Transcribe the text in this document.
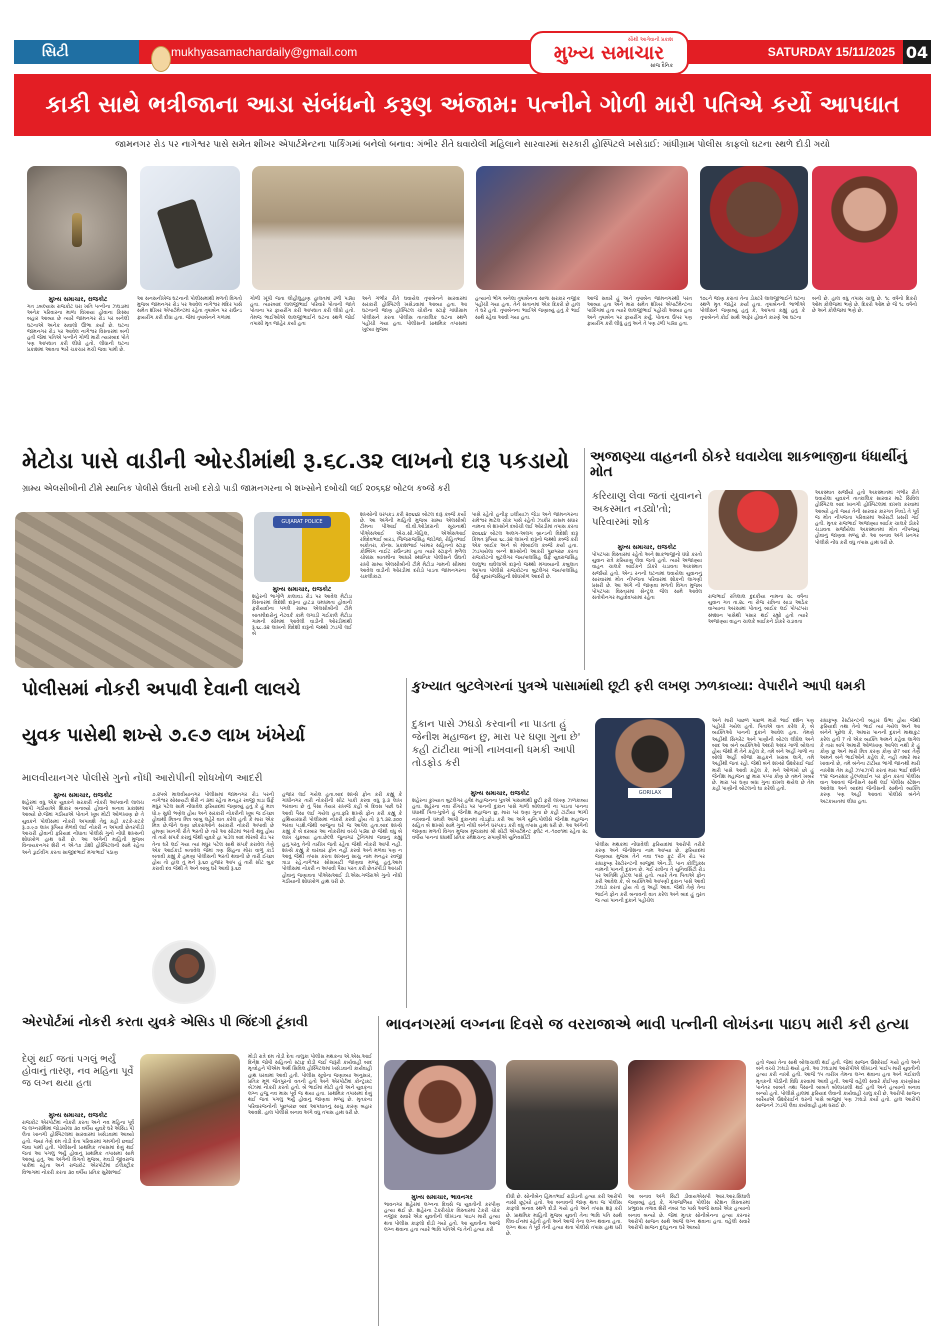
સિટી	mukhyasamachardaily@gmail.com
સૌથી આગેવાની પ્રકાશ
મુખ્ય સમાચાર
સાંજ દૈનિક
SATURDAY 15/11/2025 04
કાકી સાથે ભત્રીજાના આડા સંબંધનો કરૂણ અંજામ: પત્નીને ગોળી મારી પતિએ કર્યો આપઘાત
જામનગર રોડ પર નાગેશ્વર પાસે સમેત શીખર એપાર્ટમેન્ટના પાર્કિંગમાં બનેલો બનાવ: ગંભીર રીતે ઘવાયેલી મહિલાને સારવારમાં સરકારી હોસ્પિટલે ખસેડાઈ: ગાંધીગ્રામ પોલીસ કાફલો ઘટના સ્થળે દોડી ગયો
મુખ્ય સમાચાર, રાજકોટ
ગત ડબલ્યાસ રાજકોટ ધરા ખતિ પત્નીના ઝઘડામાં અનેક પરિવારના માળા વિખાયા હોવાના કિસ્સા બહાર આવ્યા છે ત્યારે જામનગર રોડ પર બનેલી ઘટનાએ અનેક સવાલો ઊભા કર્યા છે. ઘટના જામનગર રોડ પર આવેલ નાગેશ્વર વિસ્તારમાં બની હતી જેમાં પતિએ પત્નીને ગોળી મારી ત્યારબાદ પોતે પણ આપઘાત કરી લીધો હતો. લીધાની ઘટના પ્રકાશમાં આવતા ભારે ચકચાર મચી જવા પામી છે.
આ સનસનીખેજ ઘટનાની પોલીસમાંથી મળતી વિગતો મુજબ જામનગર રોડ પર આવેલ નાગેશ્વર મંદિર પાસે સમેત શીખર એપાર્ટમેન્ટમાં રહેતા તૃષાબેન પર રાઉન્ડ ફાયરીંગ કરી દીધા હતા. જેમાં તૃષાબેનને ગળામાં
ગોળી ખૂંપી જતા લોહીલુહાણ હાલતમાં ઢળી પડ્યા હતા. ત્યારબાદ લાલજીભાઈ પરિવારે પોતાની જાતે પોતાના પર ફાયરીંગ કરી આપઘાત કરી લીધો હતો. તેમજ ભાઈઓએ લાલજીભાઈને ઘટના સ્થળે જોઈ તપાસી મૃત જાહેર કર્યા હતા
અને ગંભીર રીતે ઘવાયેલ તૃષાબેનને સારવારમાં સરકારી હોસ્પિટલે ખસેડવામાં આવ્યા હતા. આ ઘટનાની જાણ હોસ્પિટલ ચોકીના સ્ટાફે ગાંધીગ્રામ પોલીસને કરતા પોલીસ તાત્કાલિક ઘટના સ્થળે પહોંચી ગયા હતા. પોલીસની પ્રાથમિક તપાસમાં ખુલ્યા મુજબ
હત્યાનો ભોગ બનેલા તૃષાબેનના સાળા સરકાર નજીક પહોંચી ગયા હતા. તેને સંતાનમાં એક દિકરો છે હાલ તે ઘરે હતો. તૃષાબેનના ભાઈએ જણાવ્યું હતું કે ભાઈ સાથે રહેવા આવી ગયા હતા.
આજે સવારે હું અને તૃષાબેન જામનગરથી પરત આવ્યા હતા અને મારા સમેત શીખર એપાર્ટમેન્ટના પાર્કિંગમાં હતા ત્યારે લાલજીભાઈ પહોંચી આવ્યા હતા અને તૃષાબેન પર ફાયરીંગ કર્યું. પોતાના ઉપર પણ ફાયરીંગ કરી લીધું હતું અને તે પણ ઢળી પડ્યા હતા.
૧૦૮ને જાણ કરાતાં તેના ડોક્ટરે લાલજીભાઈને ઘટના સ્થળે મૃત જાહેર કર્યા હતા. તૃષાબેનની ભાભીએ પોલીસને જણાવ્યું હતું કે, આપતાં કહ્યું હતું કે તૃષાબેનને કોઈ સાથે અફેર હોવાને કારણે આ ઘટના
બની છે. હાલ વધુ તપાસ ચાલુ છે. ૧૮ વર્ષનો દિકરો ઓમ કોલેજમાં ભણે છે. દિકરો ઓમ છે જે ૧૮ વર્ષનો છે અને કોલેજમાં ભણે છે.
મેટોડા પાસે વાડીની ઓરડીમાંથી રૂ.૬૮.૩૨ લાખનો દારૂ પકડાયો
ગ્રામ્ય એલસીબીની ટીમે સ્થાનિક પોલીસે ઉંઘતી રાખી દરોડો પાડી જામનગરના બે શખ્સોને દબોચી લઈ ૨૦૬૬૪ બોટલ કબ્જે કરી
GUJARAT POLICE
મુખ્ય સમાચાર, રાજકોટ
શહેરની ભાગોળે કાલાવડ રોડ પર આવેલ મેટોડા વિસ્તારમાં વિદેશી દારૂના હાટડા ધમધમતા હોવાની ફરીયાદોના પગલે ગ્રામ્ય એલસીબીની ટીમે બાતમીદારોનું નેટવર્ક કામે લગાડી ગઈકાલે મેટોડા ગામની સીમમાં આવેલી વાડીની ઓરડીમાંથી રૂ.૬૮.૩૨ લાખનો વિદેશી દારૂનો જથ્થો ઝડપી લઈ બે
શખ્સોની ધરપકડ કરી ૨૦૬૬૪ બોટલ દારૂ કબ્જે કર્યો છે. આ અંગેની માહિતી મુજબ ગ્રામ્ય એલસીબી ટીમના પીઆઈ વી.વી.ઓડેદરાની સૂચનાથી પીએસઆઈ એચ.સી.ગોહિલ, એએસઆઈ રવિદેવભાઈ બારડ, જિજરાજસિંહ જાડેજા, રોહિતભાઈ બકોતરા, કોન્સ. પ્રકાશભાઈ પરમાર સહિતનો સ્ટાફ કોમ્બિંગ નાઈટ રાઉન્ડમાં હતા ત્યારે સ્ટાફને મળેલ ચોક્કસ બાતમીના આધારે સ્થાનિક પોલીસને ઉંઘતી રાખી ગ્રામ્ય એલસીબીની ટીમે મેટોડા ગામની સીમમાં આવેલ વાડીની ઓરડીમાં દરોડો પાડતા જામનગરના ચકલીકાટા
પાસે રહેતો હનીફ ઇલીયાઝ જેડા અને જામનગરના રામેશ્વર માટેલ ચોક પાસે રહેતો ઝાકીર કાસમ સંધાર નામના બે શખ્સોને દબોચી લઈ ઓરડીમાં તપાસ કરતા ૨૦૬૬૪ બોટલ અલગ-અલગ બ્રાન્ડની વિદેશી દારૂ કિંમત રૂપિયા ૬૮.૩૨ લાખનો દારૂનો જથ્થો કબ્જે કરી એક બાઈક અને બે મોબાઈલ કબ્જે કર્યા હતા. ઝડપાયેલા બન્ને શખ્સોની આકરી પુછપરછ કરતા રાજકોટનો બુટલેગર જયપાલસિંહ ઉર્ફે યુવરાજસિંહ લાલુભા વાઘેલાએ દારૂનો જથ્થો મંગાવ્યાની કબુલાત આપતા પોલીસે રાજકોટના બુટલેગર જયપાલસિંહ ઉર્ફે યુવરાજસિંહની શોધખોળ આદરી છે.
અજાણ્યા વાહનની ઠોકરે ઘવાયેલા શાકભાજીના ધંધાર્થીનું મોત
કરિયાણુ લેવા જતાં યુવાનને અકસ્માત નડ્યો'તો; પરિવારમાં શોક
મુખ્ય સમાચાર, રાજકોટ
પોપટપરા વિસ્તારમાં રહેતો અને શાકભાજીનો ધંધો કરતો યુવાન રાત્રે કરિયાણુ લેવા જતો હતો. ત્યારે અજાણ્યા વાહન ચાલકે બાઈકને ઠોકરે ચડાવતા અકસ્માત સર્જાયો હતો. એન્ડ રનની ઘટનામાં ઘવાયેલા યુવાનનું સારવારમાં મોત નીપજતા પરિવારમાં શોકની લાગણી પ્રસરી છે. આ અંગે ની જાણવા મળતી વિગત મુજબ પોપટપરા વિસ્તારમાં સેન્ટ્રલ જેલ સામે આવેલ સંતોષીનગર મહાદેવપરામાં રહેતા	રાજભાઈ રતિલાલ દુદકીયા નામના ૨૮ વર્ષના યુવાન ગત તા.૨૮ ના રોજ રાત્રિના સાડા આઠેક વાગ્યાના અરસામાં પોતાનું બાઈક લઈ પોપટપરા સ્મશાન પાસેથી પસાર થઈ રહ્યો હતો ત્યારે અજાણ્યા વાહન ચાલકે બાઈકને ઠોકરે ચડાવતા
અકસ્માત સર્જાયો હતો અકસ્માતમાં ગંભીર રીતે ઘવાયેલા યુવકને તાત્કાલિક સારવાર માટે સિવિલ હોસ્પિટલ બાદ ખાનગી હોસ્પિટલમાં દાખલ કરવામાં આવ્યો હતો જ્યાં તેની સારવાર કારગત નિવડે તે પૂર્વે જ મોત નીપજતા પરિવારમાં અરેરાટી પ્રસરી ગઈ હતી. મૃતક રાજભાઈ અજાણ્યા બાઈક ચાલકે ઠોકરે ચડાવતા સર્જાયેલા અકસ્માતમાં મોત નીપજ્યું હોવાનું જાણવા મળ્યું છે. આ બનાવ અંગે પ્રનગર પોલીસે નોંધ કરી વધુ તપાસ હાથ ધરી છે.
પોલીસમાં નોકરી અપાવી દેવાની લાલચે
યુવક પાસેથી શખ્સે ૭.૯૭ લાખ ખંખેર્યા
માલવીયાનગર પોલીસે ગુનો નોંધી આરોપીની શોધખોળ આદરી
મુખ્ય સમાચાર, રાજકોટ
શહેરમાં વધુ એક યુવકને સરકારી નોકરી આપવાની લાલચ આપી ગઠીયાએ શિકાર બનાવ્યો હોવાનો બનાવ પ્રકાશમાં આવ્યો છે.જેમાં ગઠીયાએ પોતાને ખૂબ મોટી ઓળખાણ છે તે યુવકને પોલીસમાં નોકરી અપાવશે તેવું કહી કટકે-કટકે રૂ.૭.૯૭ લાખ રૂપિયા મેળવી લઈ નોકરી ન અપાવી છેતરપીંડી આચરી હોવાની ફરિયાદ નોંધાતા પોલીસે ગુનો નોંધી શખ્સની શોધખોળ હાથ ધરી છે. આ અંગેની માહિતી મુજબ વિનાયકનગર શેરી નં એ-૧૭ ડોશી હોસ્પિટલની સામે રહેતા અને ડ્રાઈવીંગ કરતા સાજીદભાઈ મંગાભાઈ પઠાણ
૭.૨૫બે માલવીયાનગર પોલીસમાં જામનગર રોડ પરની નાગેશ્વર સોસાયટી શેરી નં ૩માં રહેતા મનહર રવજી ત્રાડા ઉર્ફે મધુર પટેલ સામે નોંધાવેલ ફરિયાદમાં જણાવ્યું હતું કે હું માત્ર ધો.૯ સુધી ભણેલ હોય અને સરકારી નોકરીની ખૂબ જ ઈચ્છા હોવાથી મિત્રના મિત્ર બાબુ લહેરે વાત કરેલ હતી કે મારા એક મિત્ર છે.જેને ઘણા છોકરાઓને સરકારી નોકરી અપાવી છે હમણા ખાનગી રીતે ભરતી છે તારે આ સીટમાં ભરતી થવુ હોય તો તારો સંપર્ક કરાવું જેથી યુવકે હા પાડેલ બાદ મોરબી રોડ પર તેના ઘરે લઈ ગયા ત્યાં મધુર પટેલ સાથે સંપર્ક કરાવેલ તેણે એક આઈકાર્ડ બતાવેલ જેમાં ત્રણ સિંહના મોરા વાળું કાર્ડ બતાવી કહ્યું કે હમણા પોલીસની ભરતી થવાની છે તારી ઈચ્છા હોય તો હાલ તું મને રૂ.૬૦ હજાર આપ હું તારી સીટ બુક કરાવી દવ જેથી તે અને બાબુ ઘરે આવી રૂ.૬૦
હજાર લઈ ગયેલ હતા.બાદ શખ્સે ફોન કરી કહ્યું કે ગાંધીનગર તારી નોકરીની સીટ પાકી કરવા વધુ રૂ.૩ લાખ ભરવાના છે તું પૈસા તૈયાર રાખજે કહી બે દિવસ પછી ઘરે આવી પૈસા લઈ ગયેલ હતા.ફરિ શખ્સે ફોન કરી કહ્યું કે હથિયારધારી પોલીસમાં નોકરી કરવી હોય તો રૂ.૧.૩૨.૭૦૦ ભરવા પડશે.જેથી બાજુના ઘરે જ આપેલ હતા.બાદ શખ્સે કહ્યું કે બે દરબાર આ નોકરીમાં વચ્ચે પડ્યા છે જેથી વધુ બે લાખ ચુકવ્યા હતા.છેલ્લે જુનાગઢ ટ્રેનિંગમાં જવાનું કહ્યું હતું.પરંતુ તેની તારીખ જતી રહેતા જેથી નોકરી આપી નહી. શખ્સે કહ્યું કે વારંવાર ફોન નહીં કરવો અને મળવા પણ ન આવું જેથી તપાસ કરતા શખ્સનું સાચુ નામ મનહર રવજી ત્રાડા રહે.નાગેશ્વર સોસાયટી જાણવા મળ્યું હતું.આમ પોલીસમાં નોકરી ન અપાવી પૈસા પરત કરી છેતરપીંડી આચરી હોવાનું જણાવતા પીએસઆઈ ડી.એસ.ગજેરાએ ગુનો નોંધી ગઠીયાની શોધખોળ હાથ ધરી છે.
કુખ્યાત બુટલેગરનાં પુત્રએ પાસામાંથી છૂટી ફરી લખણ ઝળકાવ્યા: વેપારીને આપી ધમકી
દુકાન પાસે ઝઘડો કરવાની ના પાડતા હું જેનીશ મહાજન છુ, મારા પર ઘણા ગુના છે' કહી ટાંટીયા ભાંગી નાખવાની ધમકી આપી તોડફોડ કરી
GORILAX
મુખ્ય સમાચાર, રાજકોટ
શહેરના કુખ્યાત બુટલેગર હર્ષદ મહાજનના પુત્રએ પાસામાંથી છુટી ફરી લખણ ઝળકાવ્યા હતા. શહેરના નવા રીંગરોડ પર પાનની દુકાન પાસે ગાળો બોલવાની ના પાડતા પાનના ધંધાર્થી પિતા-પુત્રોને હું જેનીશ મહાજન છુ, મારા પર ઘણા ગુના છે કહી ટાંટીયા ભાંગી નાખવાની ધમકી આપી દુકાનમાં તોડફોડ કરી આ અંગે યુનિ.પોલીસે જેનીશ મહાજન સહિત બે શખ્સો સામે ગુનો નોંધી બંનેને ધરપકડ કરી વધુ તપાસ હાથ ધરી છે. આ અંગેની જાણવા મળતી વિગત મુજબ મુંજકામાં શ્રી સીટી એપાર્ટમેન્ટ ફ્લેટ નં.-૧૦૦૧માં રહેતા ૨૮ વર્ષીય પાનનાં ધંધાર્થી પ્રતિક રમેશચન્દ્ર રુપાણીએ યુનિવર્સીટી
પોલીસ મથકમાં નોંધાવેલી ફરિયાદમાં આરોપી તરીકે કરણ અને જેનીશના નામ આપ્યા છે. ફરિયાદમાં જણાવ્યા મુજબ તેને નવા ૧૫૦ ફૂટ રીંગ રોડ પર રાધાકૃષ્ણ રેસ્ટોરન્ટની બાજુમાં એન.ડી. પાન કોલ્ડ્રિંક્સ નામની પાનની દુકાન છે. ગઈ રાત્રીના તે યુનિવર્સિટી રોડ પર અતિથિ હોટલ પાસે હતો. ત્યારે તેના પિતાએ ફોન કરી આવેલ કે, બે વ્યક્તિઓ આપણી દુકાન પાસે આવી ઝઘડો કરતાં હોય તો તું અહીં આવ. જેથી તેણે તેના ભાઈને ફોન કરી બનાવની વાત કરેલ અને બાદ હું તુરંત જ ત્યાં પાનની દુકાને પહોંચેલ
અને મારી પાછળ પાછળ મારો ભાઈ દર્શન પણ પહોંચી ગયેલ હતો. પિતાએ વાત કરેલ કે, બે વ્યક્તિઓ પાનની દુકાને આવેલ હતા. તેમણે અહીંથી સિગરેટ અને પાણીની બોટલ લીધેલ અને બાદ આ બંને વ્યક્તિઓ અંદરો અંદર ગાળો બોલતાં હોય જેથી મેં તેને કહેલ કે, તમે બંને અહીં ગાળો ના બોલો અહીં બીજા ગ્રાહકને ખરાબ લાગે, તમે અહીંથી જતાં રહો. જેથી બંને શખ્સો ઉશ્કેરાઈ જઈ મારી પાસે આવી કહેલ કે, મને ઓળખો છો હું જેનીશ મહાજન છું મારા પપ્પા કોણ છે તમને ખબર છે. મારા પર ઘણા બધા ગુના દાખલ થયેલ છે તેમ કહી પાણીની બોટલનો ઘા કરેલો હતો.
રાધાકૃષ્ણ રેસ્ટોરન્ટની બહાર ઉભા હોય જેથી ફરિયાદી તથા તેનો ભાઈ ત્યાં ગયેલ અને આ બંનેને પૂછેલ કે, અમારા પાનની દુકાને માથાકુટ કરેલ હતી ? તો એક વ્યક્તિ અમને કહેવા લાગેલ કે તારા બાપે અમારી ઓળખાણ આપેલ નથી કે હું કોણ છુ અને મારો મિત્ર કરણ કોણ છે? બાદ તેણે અમને બંને ભાઈઓને કહેલ કે, નહી તમારે માર ખાવાનો છે, તમે બંનેના ટાંટીયા ભાંગી જાનથી મારી નાખીશ તેમ કહી ઝપાઝપી કરતાં મારા ભાઈ દર્શને ૧૧૨ જનરક્ષક હેલ્પલાઈન પર ફોન કરતાં પોલીસ વાન આવતાં જેનીસને સાથે લઈ પોલીસ સ્ટેશન આવેલા અને બાદમાં જેનીસની સાથેનો વ્યક્તિ કરણ પણ અહીં આવતાં પોલીસે બંનેને અટકાયતમાં લીધા હતા.
એરપોર્ટમાં નોકરી કરતા યુવકે એસિડ પી જિંદગી ટૂંકાવી
દેણું થઈ જતાં પગલું ભર્યું હોવાનું તારણ, નવ મહિના પૂર્વે જ લગ્ન થયા હતા
મુખ્ય સમાચાર, રાજકોટ
રાજકોટ એરપોર્ટમાં નોકરી કરતા અને નવ મહિના પૂર્વે જ લગ્નગ્રંથિમાં જોડાયેલા ૩૦ વર્ષીય યુવકે ઘરે એસિડ પી લેતા ખાનગી હોસ્પિટલમાં સારવારમાં ખસેડવામાં આવ્યો હતો. જ્યાં તેણે દમ તોડી દેતા પરિવારમાં ગમગીની છવાઈ જવા પામી હતી. પોલીસની પ્રાથમિક તપાસમાં દેણું થઈ જતાં આ પગલું ભર્યું હોવાનું પ્રાથમિક તપાસમાં સામે આવ્યું હતું. આ અંગેની વિગતો મુજબ, મવડી જીવરાજ પાર્કમાં રહેતા અને રાજકોટ એરપોર્ટમાં ઈલેક્ટ્રીક વિભાગમાં નોકરી કરતા ૩૦ વર્ષીય પ્રતિક સુરેશભાઈ
મોડી રાત્રે દમ તોડી દેતા તાલુકા પોલીસ મથકના એ.એસ.આઈ દિનેશ જોષી સહિતનો સ્ટાફ દોડી જઈ જરૂરી કાર્યવાહી બાદ મૃતદેહને પીએમ અર્થે સિવિલ હોસ્પિટલમાં ખસેડવાની કાર્યવાહી હાથ ધરવામાં આવી હતી. પોલીસ સૂત્રોના જણાવ્યા અનુસાર, પ્રતિક મૂળ જેતપુરનો વતની હતો અને એરપોર્ટમાં કોન્ટ્રાક્ટ બેઝમાં નોકરી કરતો હતો. બે ભાઈમાં મોટો હતો અને યુવકના લગ્ન હજુ નવ માસ પૂર્વે જ થયા હતા. પ્રાથમિક તપાસમાં દેણું થઈ જતાં પગલું ભર્યું હોવાનું જાણવા મળ્યું છે. મૃતકના પરિવારજનોની પૂછપરછ બાદ આપઘાતનું સાચુ કારણ બહાર આવશે. હાલ પોલીસે બનાવ અંગે વધુ તપાસ હાથ ધરી છે.
ભાવનગરમાં લગ્નના દિવસે જ વરરાજાએ ભાવી પત્નીની લોખંડના પાઇપ મારી કરી હત્યા
મુખ્ય સમાચાર, ભાવનગર
ભાવનગર શહેરમાં લગ્નના દિવસે જ યુવતીની કરપીણ હત્યા થઈ છે. શહેરના ટેકરીચોક વિસ્તારમાં ટેકરી ચોક નજીક સવારે એક યુવતીની લોખંડના પાઇપ મારી હત્યા થતા પોલીસ કાફલો દોડી ગયો હતો. આ યુવતીના આજે લગ્ન થવાના હતા ત્યારે ભાવિ પતિએ જ તેની હત્યા કરી
દીધી છે. સોનીબેન હિંમતભાઈ રાઠોડની હત્યા કરી આરોપી નાસી છૂટ્યો હતો. આ બનાવની જાણ થતા જ પોલીસ કાફલો બનાવ સ્થળે દોડી ગયો હતો અને તપાસ શરૂ કરી છે. પ્રાથમિક માહિતી મુજબ યુવતી તેના ભાવિ પતિ સાથે લિવ-ઈનમાં રહેતી હતી અને આજે તેના લગ્ન થવાના હતા. લગ્ન થાય તે પૂર્વે તેની હત્યા થતા પોલીસે તપાસ હાથ ધરી છે.
આ બનાવ અંગે સિટી ડીવાયએસપી આર.આર.સિંઘાલે જણાવ્યું હતું કે, ગંગાજળિયા પોલીસ સ્ટેશન વિસ્તારમાં પ્રભુદાસ તળાવ શેરી નંબર ૧૦ પાસે આજે સવારે એક હત્યાનો બનાવ બન્યો છે. જેમાં મૃતક સોનીબેનના હત્યા કરનાર આરોપી સાજન સાથે આજે લગ્ન થવાના હતા. વહેલી સવારે આરોપી સાજન દુલ્હનના ઘરે આવ્યો
હતો જ્યાં તેના સાથે બોલાચાલી થઈ હતી. જેમાં સાજન ઉશ્કેરાઈ ગયો હતો અને બંને વચ્ચે ઝઘડો થયો હતો. આ ઝઘડામાં આરોપીએ લોખંડનો પાઈપ મારી યુવતીની હત્યા કરી નાખી હતી. આજે ૧૫ તારીખ તેમના લગ્ન થવાના હતા અને ગઈકાલે મૃતકની પીઠીની વિધિ કરવામાં આવી હતી. આજે વહેલી સવારે કોઈપણ કારણોસર પાનેતર બાબતે તથા પૈસાની બાબતે બોલાચાલી થઈ હતી અને હત્યાનો બનાવ બન્યો હતો. પોલીસે હાલમાં ફરિયાદ લેવાની કાર્યવાહી ચાલુ કરી છે. આરોપી સાજન બારૈયાએ ઉશ્કેરાઈને ઘરની પાસે બાજુમાં પણ ઝઘડો કર્યો હતો. હાલ આરોપી સાજનને ઝડપી લેવા કાર્યવાહી હાથ ધરાઈ છે.
